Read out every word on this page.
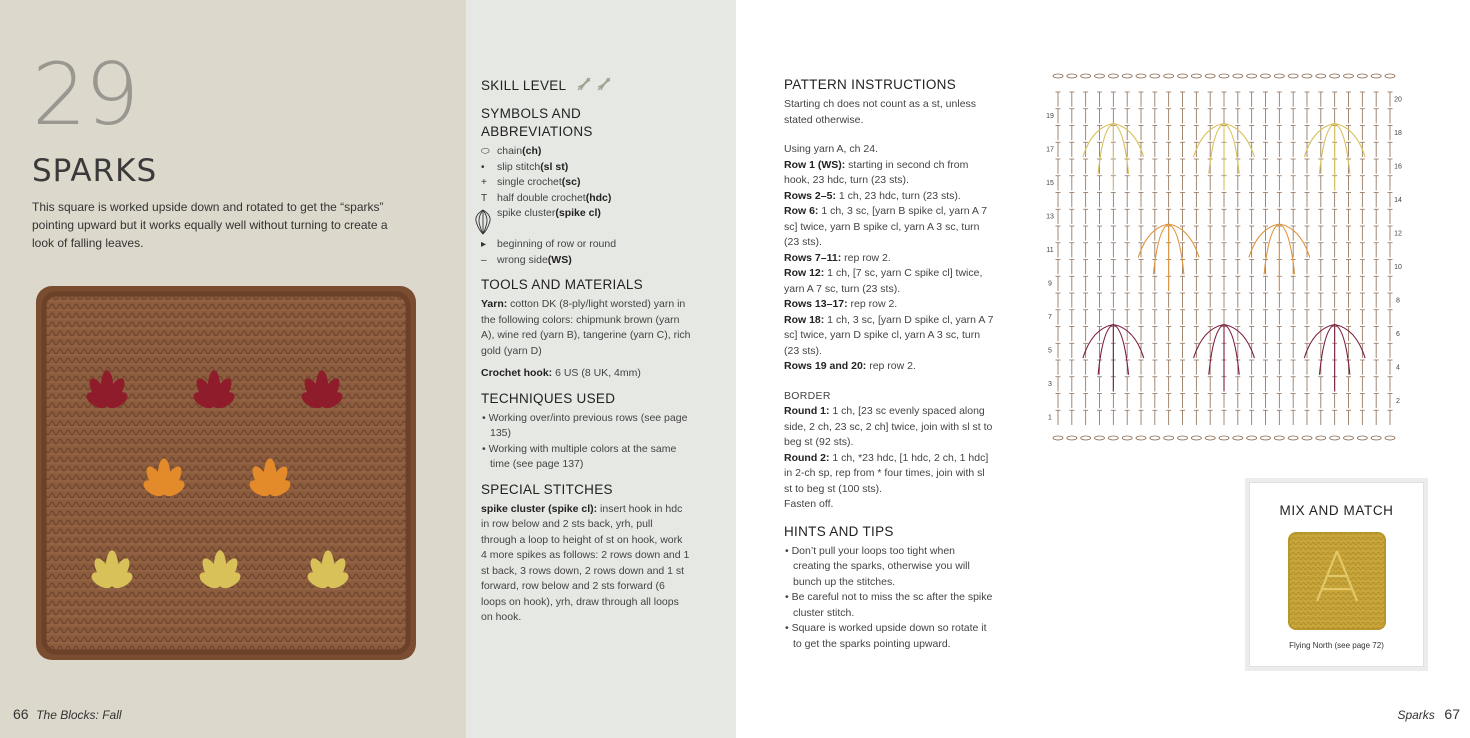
29
SPARKS
This square is worked upside down and rotated to get the “sparks” pointing upward but it works equally well without turning to create a look of falling leaves.
66 The Blocks: Fall
SKILL LEVEL
SYMBOLS AND ABBREVIATIONS
⬭ chain (ch)
•	slip stitch (sl st)
+ single crochet (sc)
T half double crochet (hdc)
spike cluster (spike cl)
▸	beginning of row or round
– wrong side (WS)
TOOLS AND MATERIALS
Yarn: cotton DK (8-ply/light worsted) yarn in the following colors: chipmunk brown (yarn A), wine red (yarn B), tangerine (yarn C), rich gold (yarn D)
Crochet hook: 6 US (8 UK, 4mm)
TECHNIQUES USED
• Working over/into previous rows (see page 135)
• Working with multiple colors at the same time (see page 137)
SPECIAL STITCHES
spike cluster (spike cl): insert hook in hdc in row below and 2 sts back, yrh, pull through a loop to height of st on hook, work 4 more spikes as follows: 2 rows down and 1 st back, 3 rows down, 2 rows down and 1 st forward, row below and 2 sts forward (6 loops on hook), yrh, draw through all loops on hook.
PATTERN INSTRUCTIONS
Starting ch does not count as a st, unless stated otherwise.
Using yarn A, ch 24.
Row 1 (WS): starting in second ch from hook, 23 hdc, turn (23 sts).
Rows 2–5: 1 ch, 23 hdc, turn (23 sts).
Row 6: 1 ch, 3 sc, [yarn B spike cl, yarn A 7 sc] twice, yarn B spike cl, yarn A 3 sc, turn (23 sts).
Rows 7–11: rep row 2.
Row 12: 1 ch, [7 sc, yarn C spike cl] twice, yarn A 7 sc, turn (23 sts).
Rows 13–17: rep row 2.
Row 18: 1 ch, 3 sc, [yarn D spike cl, yarn A 7 sc] twice, yarn D spike cl, yarn A 3 sc, turn (23 sts).
Rows 19 and 20: rep row 2.
BORDER
Round 1: 1 ch, [23 sc evenly spaced along side, 2 ch, 23 sc, 2 ch] twice, join with sl st to beg st (92 sts).
Round 2: 1 ch, *23 hdc, [1 hdc, 2 ch, 1 hdc] in 2-ch sp, rep from * four times, join with sl st to beg st (100 sts).
Fasten off.
HINTS AND TIPS
• Don’t pull your loops too tight when creating the sparks, otherwise you will bunch up the stitches.
• Be careful not to miss the sc after the spike cluster stitch.
• Square is worked upside down so rotate it to get the sparks pointing upward.
1
2
3
4
5
6
7
8
9
10
11
12
13
14
15
16
17
18
19
20
MIX AND MATCH
Flying North (see page 72)
Sparks 67
